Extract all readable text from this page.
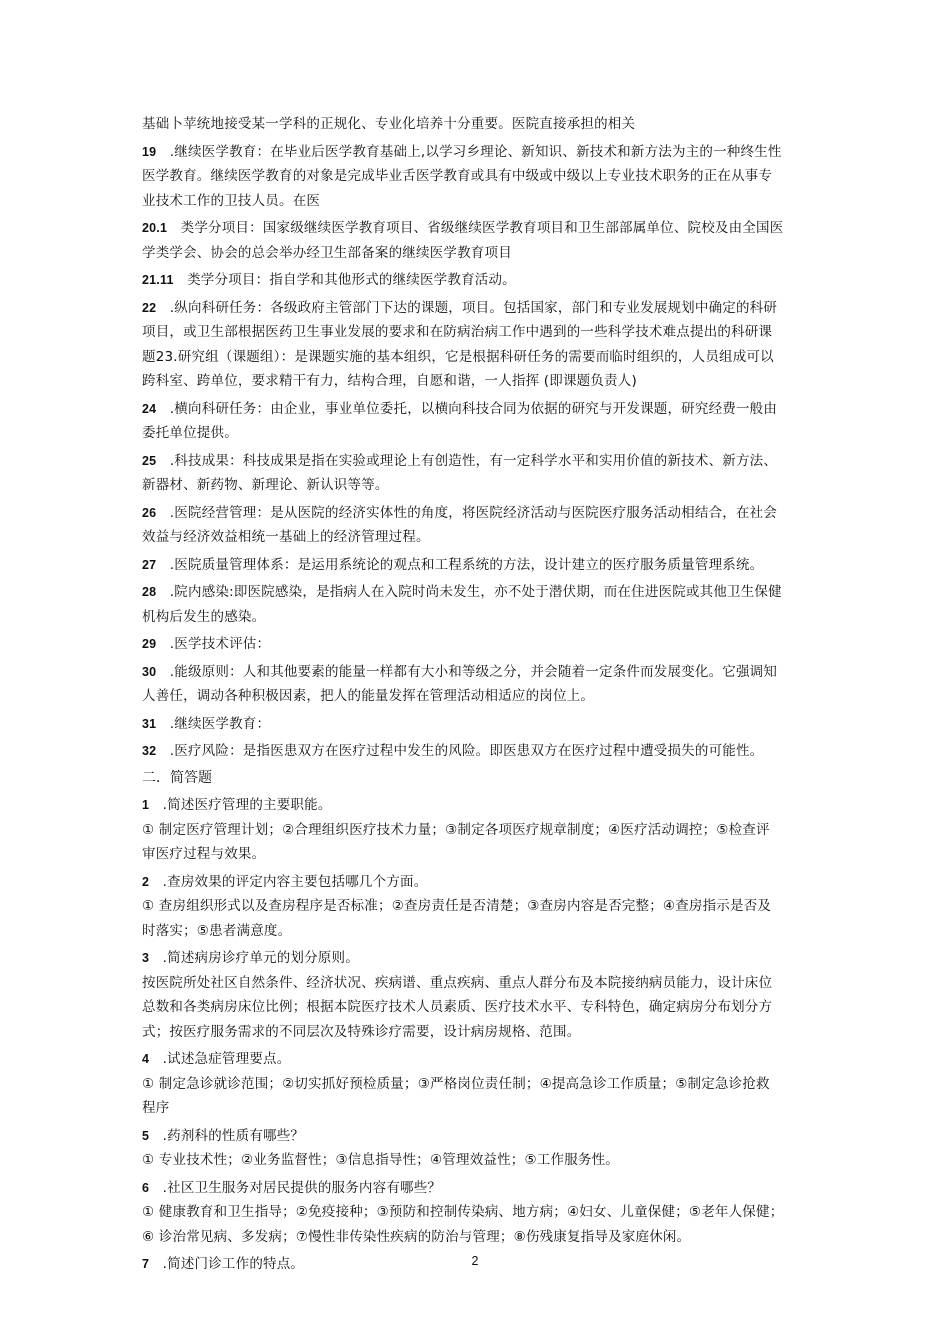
基础卜苹统地接受某一学科的正规化、专业化培养十分重要。医院直接承担的相关
19 .继续医学教育：在毕业后医学教育基础上,以学习乡理论、新知识、新技术和新方法为主的一种终生性
医学教育。继续医学教育的对象是完成毕业舌医学教育或具有中级或中级以上专业技术职务的正在从事专
业技术工作的卫技人员。在医
20.1 类学分项目：国家级继续医学教育项目、省级继续医学教育项目和卫生部部属单位、院校及由全国医
学类学会、协会的总会举办经卫生部备案的继续医学教育项目
21.11 类学分项目：指自学和其他形式的继续医学教育活动。
22 .纵向科研任务：各级政府主管部门下达的课题，项目。包括国家，部门和专业发展规划中确定的科研
项目，或卫生部根据医药卫生事业发展的要求和在防病治病工作中遇到的一些科学技术难点提出的科研课
题23.研究组（课题组）：是课题实施的基本组织，它是根据科研任务的需要而临时组织的，人员组成可以
跨科室、跨单位，要求精干有力，结构合理，自愿和谐，一人指挥 (即课题负责人)
24 .横向科研任务：由企业，事业单位委托，以横向科技合同为依据的研究与开发课题，研究经费一般由
委托单位提供。
25 .科技成果：科技成果是指在实验或理论上有创造性，有一定科学水平和实用价值的新技术、新方法、
新器材、新药物、新理论、新认识等等。
26 .医院经营管理：是从医院的经济实体性的角度，将医院经济活动与医院医疗服务活动相结合，在社会
效益与经济效益相统一基础上的经济管理过程。
27 .医院质量管理体系：是运用系统论的观点和工程系统的方法，设计建立的医疗服务质量管理系统。
28 .院内感染:即医院感染，是指病人在入院时尚未发生，亦不处于潜伏期，而在住进医院或其他卫生保健
机构后发生的感染。
29 .医学技术评估：
30 .能级原则：人和其他要素的能量一样都有大小和等级之分，并会随着一定条件而发展变化。它强调知
人善任，调动各种积极因素，把人的能量发挥在管理活动相适应的岗位上。
31 .继续医学教育：
32 .医疗风险：是指医患双方在医疗过程中发生的风险。即医患双方在医疗过程中遭受损失的可能性。
二．简答题
1 .简述医疗管理的主要职能。
① 制定医疗管理计划；②合理组织医疗技术力量；③制定各项医疗规章制度；④医疗活动调控；⑤检查评
审医疗过程与效果。
2 .查房效果的评定内容主要包括哪几个方面。
① 查房组织形式以及查房程序是否标准；②查房责任是否清楚；③查房内容是否完整；④查房指示是否及
时落实；⑤患者满意度。
3 .简述病房诊疗单元的划分原则。
按医院所处社区自然条件、经济状况、疾病谱、重点疾病、重点人群分布及本院接纳病员能力，设计床位
总数和各类病房床位比例；根据本院医疗技术人员素质、医疗技术水平、专科特色，确定病房分布划分方
式；按医疗服务需求的不同层次及特殊诊疗需要，设计病房规格、范围。
4 .试述急症管理要点。
① 制定急诊就诊范围；②切实抓好预检质量；③严格岗位责任制；④提高急诊工作质量；⑤制定急诊抢救
程序
5 .药剂科的性质有哪些？
① 专业技术性；②业务监督性；③信息指导性；④管理效益性；⑤工作服务性。
6 .社区卫生服务对居民提供的服务内容有哪些？
① 健康教育和卫生指导；②免疫接种；③预防和控制传染病、地方病；④妇女、儿童保健；⑤老年人保健；
⑥ 诊治常见病、多发病；⑦慢性非传染性疾病的防治与管理；⑧伤残康复指导及家庭休闲。
7 .简述门诊工作的特点。	2
